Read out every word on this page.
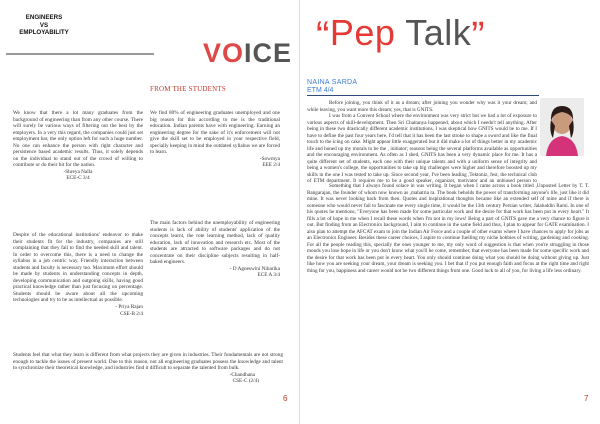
ENGINEERS
VS
EMPLOYABILITY
VOICE
FROM THE STUDENTS

We know that there a lot many graduates from the background of engineering than from any other course. There will surely be various ways of filtering out the best by the employers. In a very this regard, the companies could just set employment bar, the only option left for such a huge number. No one can enhance the person with right character and persistence based academic results. Thus, it solely depends on the individual to stand out of the crowd of willing to contribute or do their bit for the nation.

-Shreya Nalla
ECE-C 3/4

Despite of the educational institutions' endeavor to make their students fit for the industry, companies are still complaining that they fail to find the needed skill and talent. In order to overcome this, there is a need to change the syllabus in a job centric way. Friendly interaction between students and faculty is necessary too. Maximum effort should be made by students in understanding concepts in depth, developing communication and outgoing skills, having good practical knowledge rather than just focusing on percentage. Students should be aware about all the upcoming technologies and try to be as intellectual as possible.

- Priya Rajan
CSE-B 2/4

We find 80% of engineering graduates unemployed and one big reason for this according to me is the traditional education. Indian parents have with engineering. Earning an engineering degree for the sake of it's enforcement will not give the skill set to be employed in your respective field, specially keeping in mind the outdated syllabus we are forced to learn.

-Sowmya
EEE 2/4

The main factors behind the unemployability of engineering students is lack of ability of students' application of the concepts learnt, the rote learning method, lack of quality education, lack of innovation and research etc. Most of the students are attracted to software packages and do not concentrate on their discipline subjects resulting in half-baked engineers.

- D Agneswini Niharika
ECE A 3/4

Students feel that what they learn is different from what projects they are given in industries. Their fundamentals are not strong enough to tackle the issues of present world. Due to this reason, not all engineering graduates possess the knowledge and talent to synchronize their theoretical knowledge, and industries find it difficult to separate the talented from bulk.

-Chandhana
CSE-C (2/4)
6
“Pep Talk”
NAINA SARDA
ETM 4/4

Before joining, you think of it as a dream; after joining you wonder why was it your dream; and while leaving, you want more this dream; yes, that is GNITS.

I was from a Convent School where the environment was very strict but we had a lot of exposure to various aspects of skill-development. Then Sri Chaitanya happened, about which I needn't tell anything. After being in these two drastically different academic institutions, I was skeptical how GNITS would be to me. If I have to define the past four years here, I'd tell that it has been the last stroke to shape a sword and like the final touch to the icing on cake. Might appear little exaggerated but it did make a lot of things better in my academic life and honed up my morals to be the , initiator; reasons being the several platforms available as opportunities and the encouraging environment. As often as I shed, GNITS has been a very dynamic place for me. It has a quite different set of students, each one with their unique talents and with a uniform sense of integrity and being a women's college, the opportunities to take up big challenges were higher and therefore boosted up my skills in the one I was tested to take up. Since second year, I've been leading ,Tektoniz, fest, the technical club of ETM department. It requires me to be a good speaker, organizer, motivator and an unbiased person to

Something that I always found solace in was writing. It began when I came across a book titled ,Unposted Letter by T. T. Rangarajan, the founder of whom now known as ,mahatria ra. The book beholds the power of transforming anyone's life, just like it did mine. It was never looking back from then. Quotes and inspirational thoughts became like an extended self of mine and if there is someone who would never fail to fascinate me every single time, it would be the 13th century Persian writer, Jalaluddin Rumi. In one of his quotes he mentions, "Everyone has been made for some particular work and the desire for that work has been put in every heart." It fills a lot of hope in me when I recall these words when I'm not in my lows! Being a part of GNITS gave me a very chance to figure it out. But finding from an Electronics background, I aim to continue in the same field and thus, I plan to appear for GATE examination. I also plan to attempt the AFCAT exam to join the Indian Air Force and a couple of other exams where I have chances to apply for jobs as an Electronics Engineer. Besides these career choices, I aspire to continue fuelling my niche hobbies of writing, gardening and cooking. For all the people reading this, specially the ones younger to me, my only word of suggestion is that when you're struggling in those moods you lose hope in life or you don't know what you'll be come, remember, that everyone has been made for some specific work and the desire for that work has been put in every heart. You only should continue doing what you should be doing without giving up. Just like how you are seeking your dream, your dream is seeking you. I bet that if you put enough faith and focus at the right time and right thing for you, happiness and career would not be two different things from one. Good luck to all of you, for living a life less ordinary.

7
